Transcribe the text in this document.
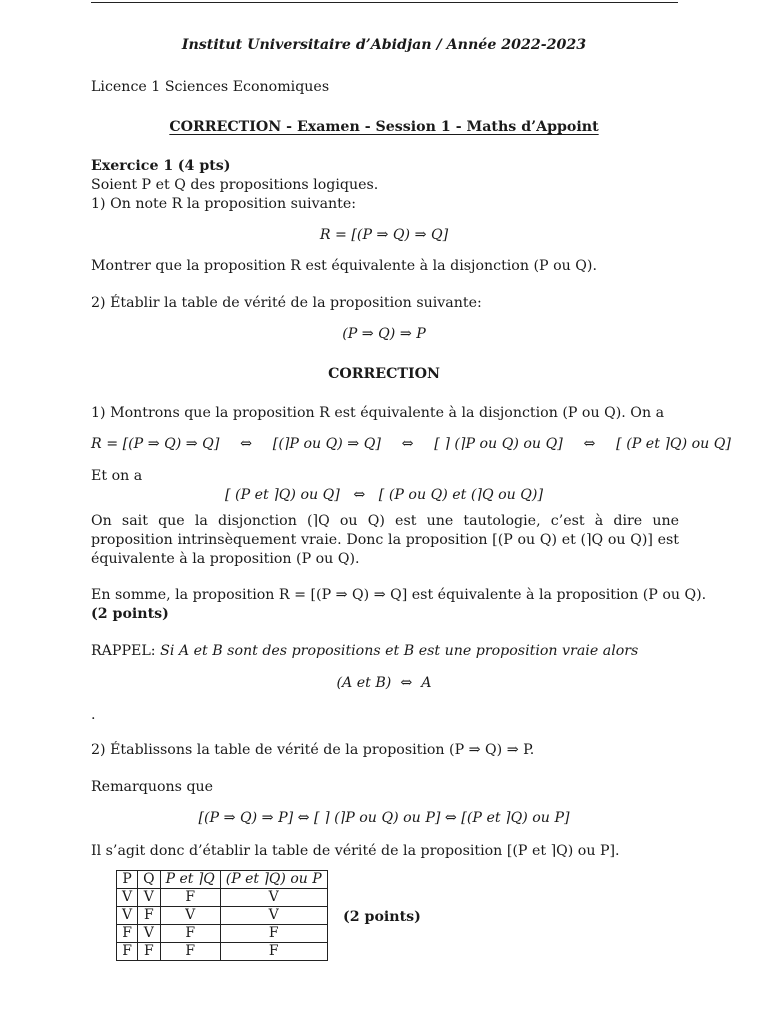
Institut Universitaire d’Abidjan / Année 2022-2023
Licence 1 Sciences Economiques
CORRECTION - Examen - Session 1 - Maths d’Appoint
Exercice 1 (4 pts)
Soient P et Q des propositions logiques.
1) On note R la proposition suivante:
R = [(P ⇒ Q) ⇒ Q]
Montrer que la proposition R est équivalente à la disjonction (P ou Q).
2) Établir la table de vérité de la proposition suivante:
(P ⇒ Q) ⇒ P
CORRECTION
1) Montrons que la proposition R est équivalente à la disjonction (P ou Q). On a
R = [(P ⇒ Q) ⇒ Q] ⇔ [(⌉P ou Q) ⇒ Q] ⇔ [ ⌉ (⌉P ou Q) ou Q] ⇔ [ (P et ⌉Q) ou Q]
Et on a
[ (P et ⌉Q) ou Q]   ⇔   [ (P ou Q) et (⌉Q ou Q)]
On sait que la disjonction (⌉Q ou Q) est une tautologie, c’est à dire une proposition intrinsèquement vraie. Donc la proposition [(P ou Q) et (⌉Q ou Q)] est équivalente à la proposition (P ou Q).
En somme, la proposition R = [(P ⇒ Q) ⇒ Q] est équivalente à la proposition (P ou Q).
(2 points)
RAPPEL: Si A et B sont des propositions et B est une proposition vraie alors
(A et B)  ⇔  A
.
2) Établissons la table de vérité de la proposition (P ⇒ Q) ⇒ P.
Remarquons que
[(P ⇒ Q) ⇒ P] ⇔ [ ⌉ (⌉P ou Q) ou P] ⇔ [(P et ⌉Q) ou P]
Il s’agit donc d’établir la table de vérité de la proposition [(P et ⌉Q) ou P].
P	Q	P et ⌉Q	(P et ⌉Q) ou P
V	V	F	V
V	F	V	V
F	V	F	F
F	F	F	F
(2 points)
